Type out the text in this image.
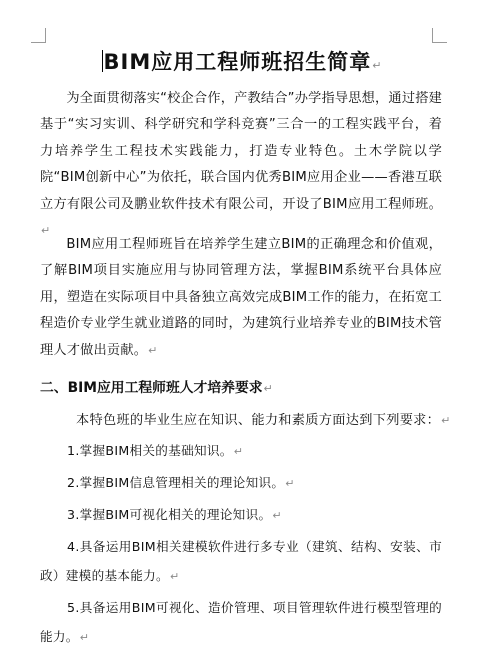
BIM应用工程师班招生简章↵

为全面贯彻落实“校企合作，产教结合”办学指导思想，通过搭建基于“实习实训、科学研究和学科竞赛”三合一的工程实践平台，着力培养学生工程技术实践能力，打造专业特色。土木学院以学院“BIM创新中心”为依托，联合国内优秀BIM应用企业——香港互联立方有限公司及鹏业软件技术有限公司，开设了BIM应用工程师班。↵

BIM应用工程师班旨在培养学生建立BIM的正确理念和价值观，了解BIM项目实施应用与协同管理方法，掌握BIM系统平台具体应用，塑造在实际项目中具备独立高效完成BIM工作的能力，在拓宽工程造价专业学生就业道路的同时，为建筑行业培养专业的BIM技术管理人才做出贡献。↵

二、BIM应用工程师班人才培养要求↵

本特色班的毕业生应在知识、能力和素质方面达到下列要求：↵

1.掌握BIM相关的基础知识。↵
2.掌握BIM信息管理相关的理论知识。↵
3.掌握BIM可视化相关的理论知识。↵
4.具备运用BIM相关建模软件进行多专业（建筑、结构、安装、市政）建模的基本能力。↵
5.具备运用BIM可视化、造价管理、项目管理软件进行模型管理的能力。↵
